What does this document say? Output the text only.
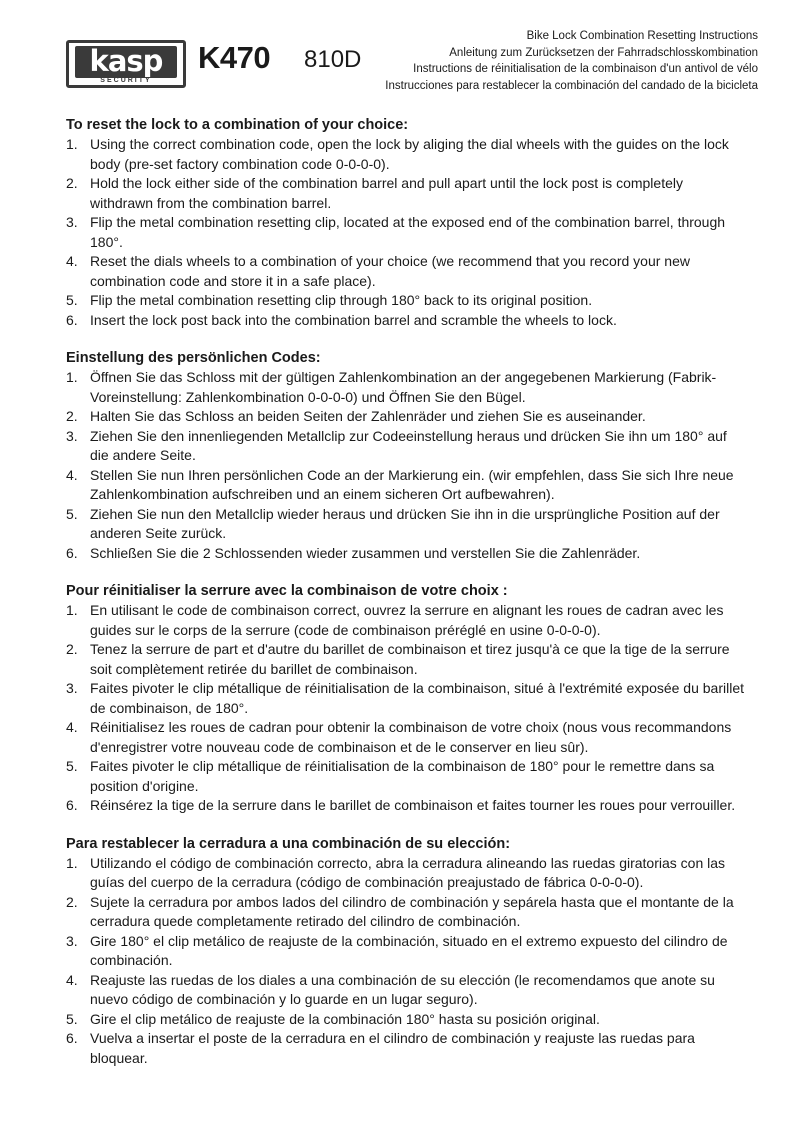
kasp
SECURITY
K470 810D
Bike Lock Combination Resetting Instructions
Anleitung zum Zurücksetzen der Fahrradschlosskombination
Instructions de réinitialisation de la combinaison d'un antivol de vélo
Instrucciones para restablecer la combinación del candado de la bicicleta

To reset the lock to a combination of your choice:

1. Using the correct combination code, open the lock by aliging the dial wheels with the guides on the lock body (pre-set factory combination code 0-0-0-0).
2. Hold the lock either side of the combination barrel and pull apart until the lock post is completely withdrawn from the combination barrel.
3. Flip the metal combination resetting clip, located at the exposed end of the combination barrel, through 180°.
4. Reset the dials wheels to a combination of your choice (we recommend that you record your new combination code and store it in a safe place).
5. Flip the metal combination resetting clip through 180° back to its original position.
6. Insert the lock post back into the combination barrel and scramble the wheels to lock.

Einstellung des persönlichen Codes:

1. Öffnen Sie das Schloss mit der gültigen Zahlenkombination an der angegebenen Markierung (Fabrik-Voreinstellung: Zahlenkombination 0-0-0-0) und Öffnen Sie den Bügel.
2. Halten Sie das Schloss an beiden Seiten der Zahlenräder und ziehen Sie es auseinander.
3. Ziehen Sie den innenliegenden Metallclip zur Codeeinstellung heraus und drücken Sie ihn um 180° auf die andere Seite.
4. Stellen Sie nun Ihren persönlichen Code an der Markierung ein. (wir empfehlen, dass Sie sich Ihre neue Zahlenkombination aufschreiben und an einem sicheren Ort aufbewahren).
5. Ziehen Sie nun den Metallclip wieder heraus und drücken Sie ihn in die ursprüngliche Position auf der anderen Seite zurück.
6. Schließen Sie die 2 Schlossenden wieder zusammen und verstellen Sie die Zahlenräder.

Pour réinitialiser la serrure avec la combinaison de votre choix :

1. En utilisant le code de combinaison correct, ouvrez la serrure en alignant les roues de cadran avec les guides sur le corps de la serrure (code de combinaison préréglé en usine 0-0-0-0).
2. Tenez la serrure de part et d'autre du barillet de combinaison et tirez jusqu'à ce que la tige de la serrure soit complètement retirée du barillet de combinaison.
3. Faites pivoter le clip métallique de réinitialisation de la combinaison, situé à l'extrémité exposée du barillet de combinaison, de 180°.
4. Réinitialisez les roues de cadran pour obtenir la combinaison de votre choix (nous vous recommandons d'enregistrer votre nouveau code de combinaison et de le conserver en lieu sûr).
5. Faites pivoter le clip métallique de réinitialisation de la combinaison de 180° pour le remettre dans sa position d'origine.
6. Réinsérez la tige de la serrure dans le barillet de combinaison et faites tourner les roues pour verrouiller.

Para restablecer la cerradura a una combinación de su elección:

1. Utilizando el código de combinación correcto, abra la cerradura alineando las ruedas giratorias con las guías del cuerpo de la cerradura (código de combinación preajustado de fábrica 0-0-0-0).
2. Sujete la cerradura por ambos lados del cilindro de combinación y sepárela hasta que el montante de la cerradura quede completamente retirado del cilindro de combinación.
3. Gire 180° el clip metálico de reajuste de la combinación, situado en el extremo expuesto del cilindro de combinación.
4. Reajuste las ruedas de los diales a una combinación de su elección (le recomendamos que anote su nuevo código de combinación y lo guarde en un lugar seguro).
5. Gire el clip metálico de reajuste de la combinación 180° hasta su posición original.
6. Vuelva a insertar el poste de la cerradura en el cilindro de combinación y reajuste las ruedas para bloquear.
